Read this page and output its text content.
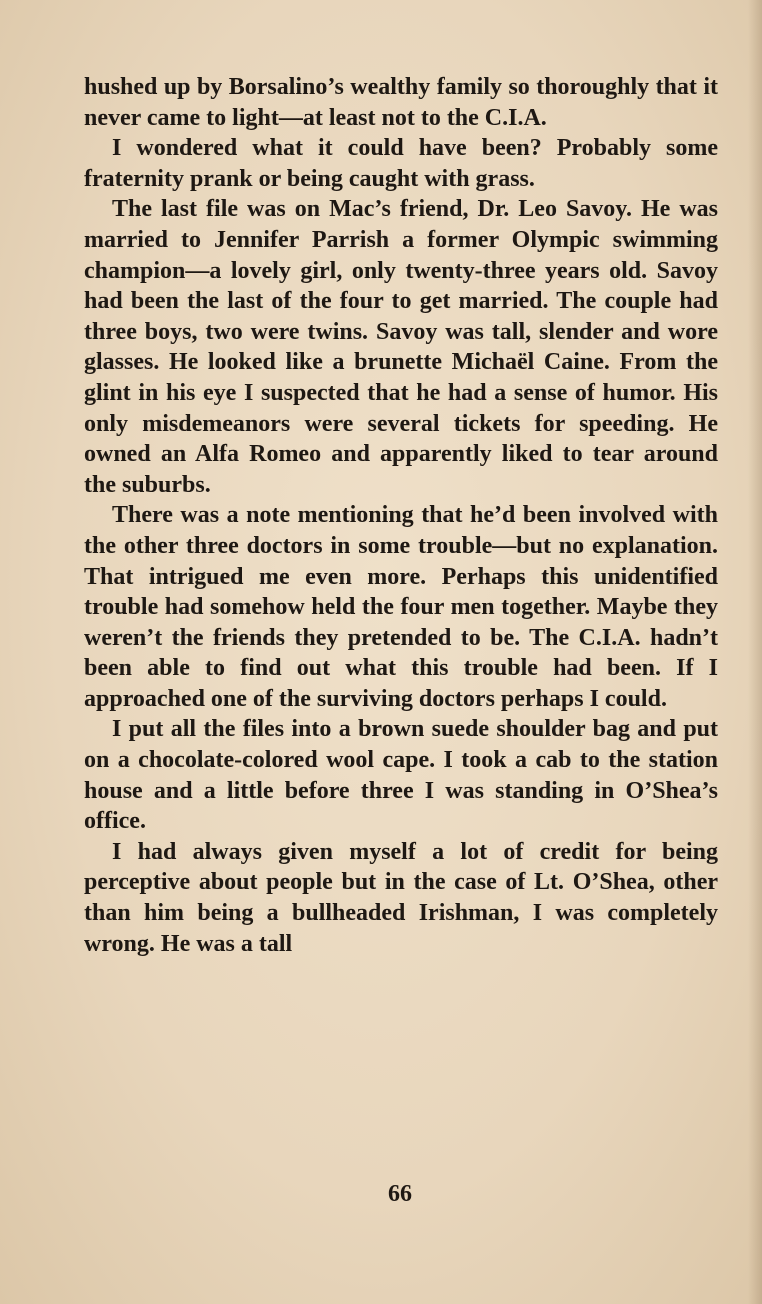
hushed up by Borsalino’s wealthy family so thoroughly that it never came to light—at least not to the C.I.A.

I wondered what it could have been? Probably some fraternity prank or being caught with grass.

The last file was on Mac’s friend, Dr. Leo Savoy. He was married to Jennifer Parrish a former Olympic swimming champion—a lovely girl, only twenty-three years old. Savoy had been the last of the four to get married. The couple had three boys, two were twins. Savoy was tall, slender and wore glasses. He looked like a brunette Michaël Caine. From the glint in his eye I suspected that he had a sense of humor. His only misdemeanors were several tickets for speeding. He owned an Alfa Romeo and apparently liked to tear around the suburbs.

There was a note mentioning that he’d been involved with the other three doctors in some trouble—but no explanation. That intrigued me even more. Perhaps this unidentified trouble had somehow held the four men together. Maybe they weren’t the friends they pretended to be. The C.I.A. hadn’t been able to find out what this trouble had been. If I approached one of the surviving doctors perhaps I could.

I put all the files into a brown suede shoulder bag and put on a chocolate-colored wool cape. I took a cab to the station house and a little before three I was standing in O’Shea’s office.

I had always given myself a lot of credit for being perceptive about people but in the case of Lt. O’Shea, other than him being a bullheaded Irishman, I was completely wrong. He was a tall

66
